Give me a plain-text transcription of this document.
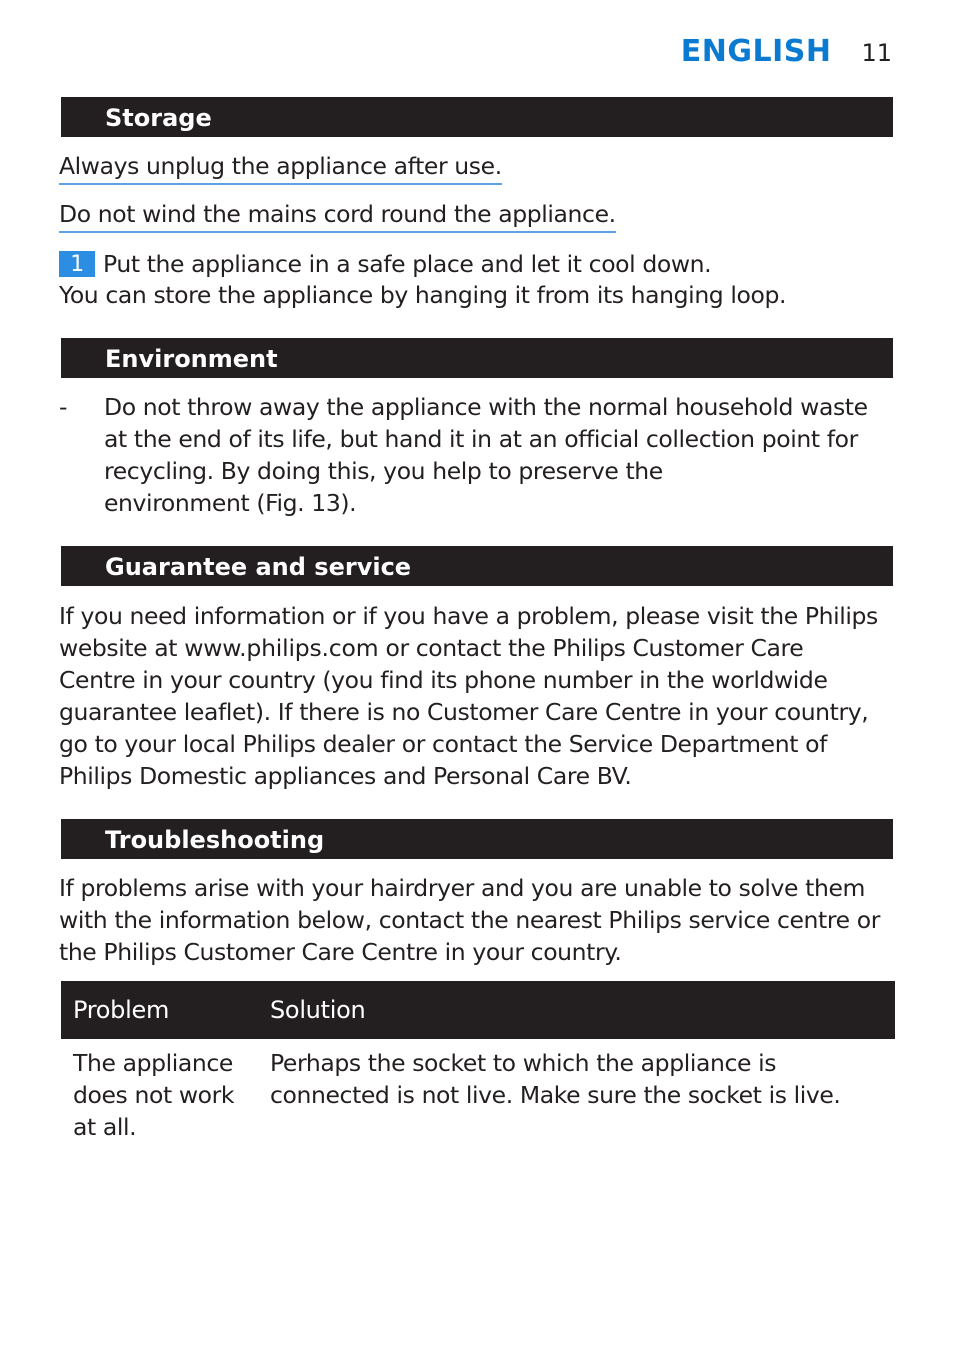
ENGLISH 11
Storage
Always unplug the appliance after use.
Do not wind the mains cord round the appliance.
1 Put the appliance in a safe place and let it cool down.
You can store the appliance by hanging it from its hanging loop.
Environment
- Do not throw away the appliance with the normal household waste
at the end of its life, but hand it in at an official collection point for
recycling. By doing this, you help to preserve the
environment (Fig. 13).
Guarantee and service
If you need information or if you have a problem, please visit the Philips
website at www.philips.com or contact the Philips Customer Care
Centre in your country (you find its phone number in the worldwide
guarantee leaflet). If there is no Customer Care Centre in your country,
go to your local Philips dealer or contact the Service Department of
Philips Domestic appliances and Personal Care BV.
Troubleshooting
If problems arise with your hairdryer and you are unable to solve them
with the information below, contact the nearest Philips service centre or
the Philips Customer Care Centre in your country.
Problem	Solution
The appliance
does not work
at all.
Perhaps the socket to which the appliance is
connected is not live. Make sure the socket is live.
